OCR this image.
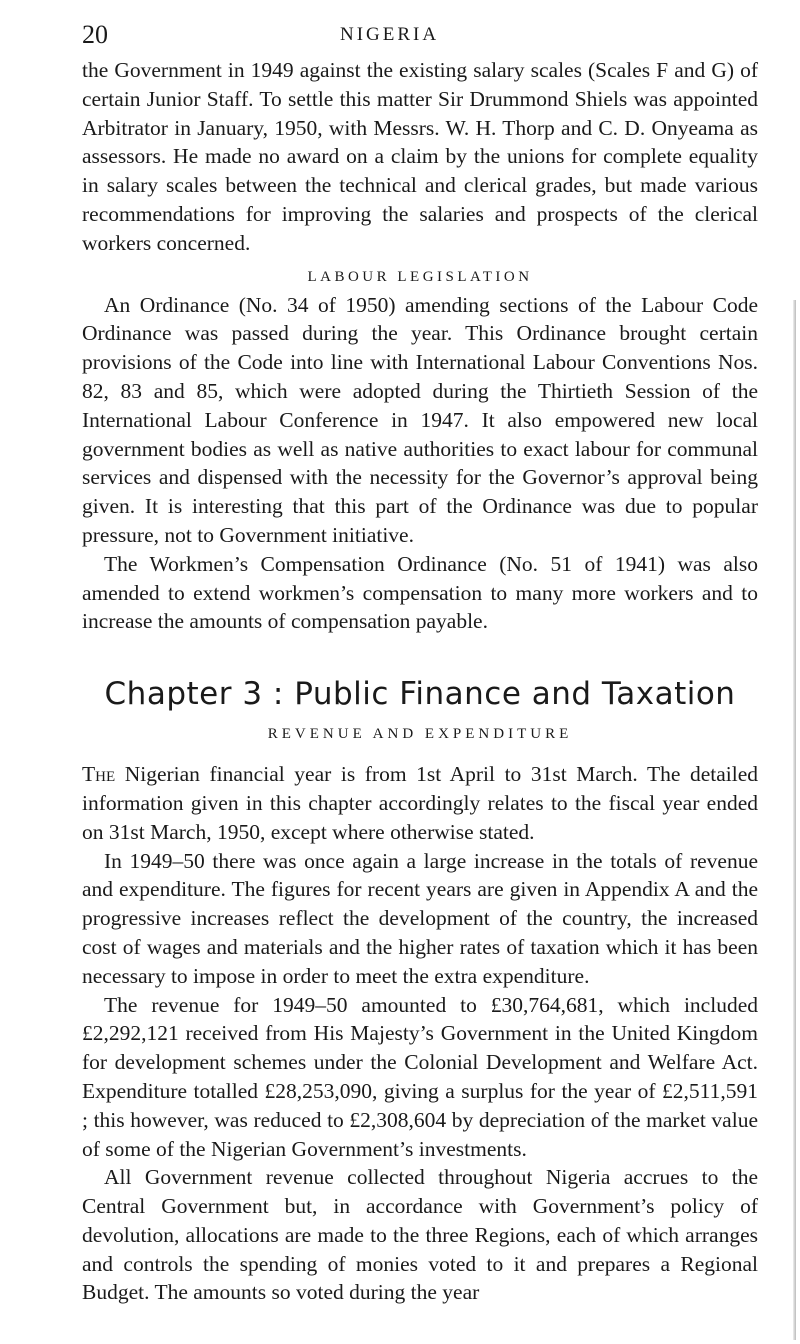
20	NIGERIA

the Government in 1949 against the existing salary scales (Scales F and G) of certain Junior Staff. To settle this matter Sir Drummond Shiels was appointed Arbitrator in January, 1950, with Messrs. W. H. Thorp and C. D. Onyeama as assessors. He made no award on a claim by the unions for complete equality in salary scales between the technical and clerical grades, but made various recommendations for improving the salaries and prospects of the clerical workers concerned.

LABOUR LEGISLATION

An Ordinance (No. 34 of 1950) amending sections of the Labour Code Ordinance was passed during the year. This Ordinance brought certain provisions of the Code into line with International Labour Conventions Nos. 82, 83 and 85, which were adopted during the Thirtieth Session of the International Labour Conference in 1947. It also empowered new local government bodies as well as native authorities to exact labour for communal services and dispensed with the necessity for the Governor’s approval being given. It is interesting that this part of the Ordinance was due to popular pressure, not to Government initiative.

The Workmen’s Compensation Ordinance (No. 51 of 1941) was also amended to extend workmen’s compensation to many more workers and to increase the amounts of compensation payable.

Chapter 3 : Public Finance and Taxation
REVENUE AND EXPENDITURE

The Nigerian financial year is from 1st April to 31st March. The detailed information given in this chapter accordingly relates to the fiscal year ended on 31st March, 1950, except where otherwise stated.

In 1949–50 there was once again a large increase in the totals of revenue and expenditure. The figures for recent years are given in Appendix A and the progressive increases reflect the development of the country, the increased cost of wages and materials and the higher rates of taxation which it has been necessary to impose in order to meet the extra expenditure.

The revenue for 1949–50 amounted to £30,764,681, which included £2,292,121 received from His Majesty’s Government in the United Kingdom for development schemes under the Colonial Development and Welfare Act. Expenditure totalled £28,253,090, giving a surplus for the year of £2,511,591 ; this however, was reduced to £2,308,604 by depreciation of the market value of some of the Nigerian Government’s investments.

All Government revenue collected throughout Nigeria accrues to the Central Government but, in accordance with Government’s policy of devolution, allocations are made to the three Regions, each of which arranges and controls the spending of monies voted to it and prepares a Regional Budget. The amounts so voted during the year
